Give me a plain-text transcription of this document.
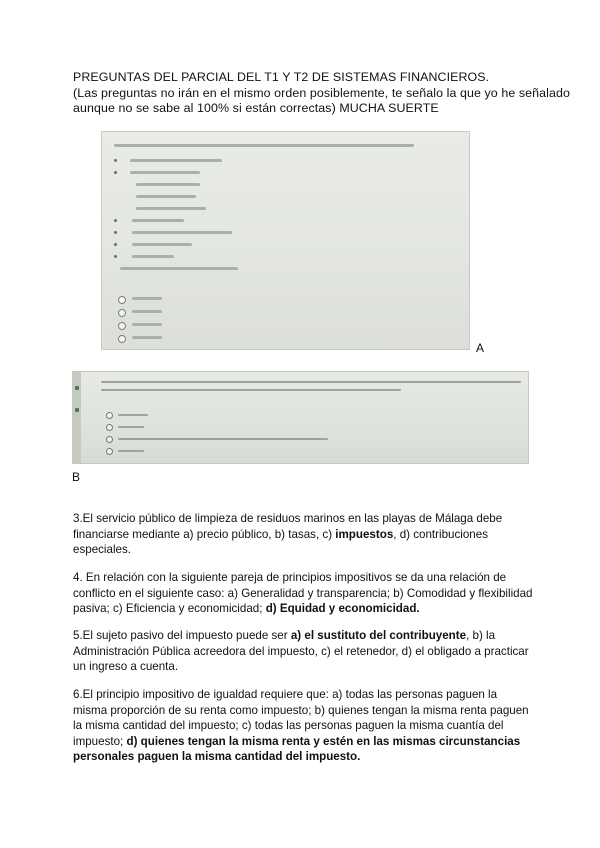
PREGUNTAS DEL PARCIAL DEL T1 Y T2 DE SISTEMAS FINANCIEROS.
(Las preguntas no irán en el mismo orden posiblemente, te señalo la que yo he señalado
aunque no se sabe al 100% si están correctas) MUCHA SUERTE
A
B
3.El servicio público de limpieza de residuos marinos en las playas de Málaga debe financiarse mediante a) precio público, b) tasas, c) impuestos, d) contribuciones especiales.
4. En relación con la siguiente pareja de principios impositivos se da una relación de conflicto en el siguiente caso: a) Generalidad y transparencia; b) Comodidad y flexibilidad pasiva; c) Eficiencia y economicidad; d) Equidad y economicidad.
5.El sujeto pasivo del impuesto puede ser a) el sustituto del contribuyente, b) la Administración Pública acreedora del impuesto, c) el retenedor, d) el obligado a practicar un ingreso a cuenta.
6.El principio impositivo de igualdad requiere que: a) todas las personas paguen la misma proporción de su renta como impuesto; b) quienes tengan la misma renta paguen la misma cantidad del impuesto; c) todas las personas paguen la misma cuantía del impuesto; d) quienes tengan la misma renta y estén en las mismas circunstancias personales paguen la misma cantidad del impuesto.
